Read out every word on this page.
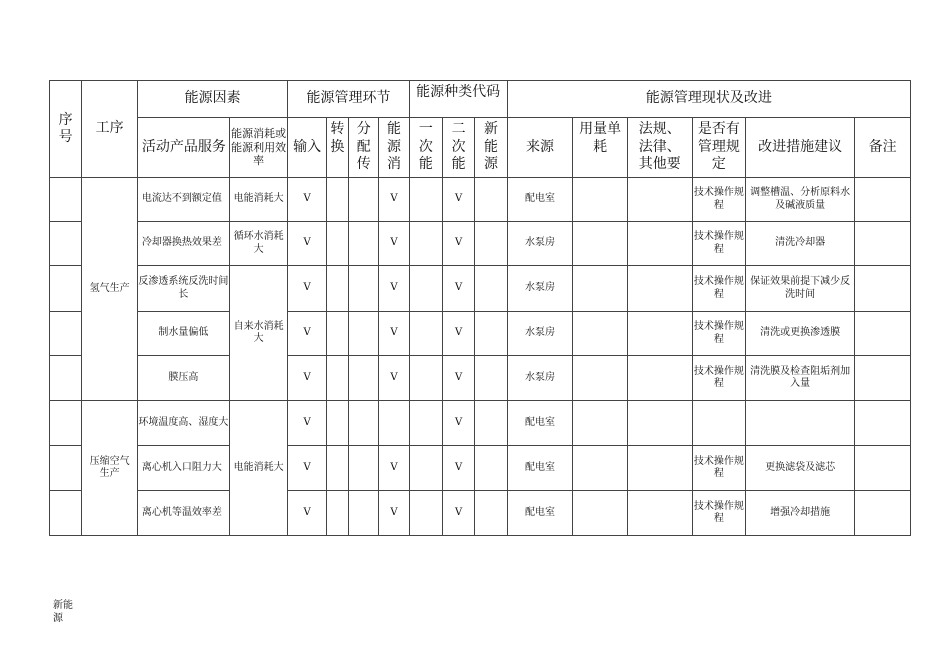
序号	工序	能源因素		能源管理环节				能源种类代码			能源管理现状及改进					
		活动产品服务	能源消耗或能源利用效率	输入	转换	分配传	能源消	一次能	二次能	新能源	来源	用量单耗	法规、法律、其他要	是否有管理规定	改进措施建议	备注
	氢气生产	电流达不到额定值	电能消耗大	V			V		V		配电室			技术操作规程	调整槽温、分析原料水及碱液质量	
		冷却器换热效果差	循环水消耗大	V			V		V		水泵房			技术操作规程	清洗冷却器	
		反渗透系统反洗时间长	自来水消耗大	V			V		V		水泵房			技术操作规程	保证效果前提下减少反洗时间	
		制水量偏低		V			V		V		水泵房			技术操作规程	清洗或更换渗透膜	
		膜压高		V			V		V		水泵房			技术操作规程	清洗膜及检查阻垢剂加入量	
	压缩空气生产	环境温度高、湿度大	电能消耗大	V					V		配电室					
		离心机入口阻力大		V			V		V		配电室			技术操作规程	更换滤袋及滤芯	
		离心机等温效率差		V			V		V		配电室			技术操作规程	增强冷却措施	
新能源
